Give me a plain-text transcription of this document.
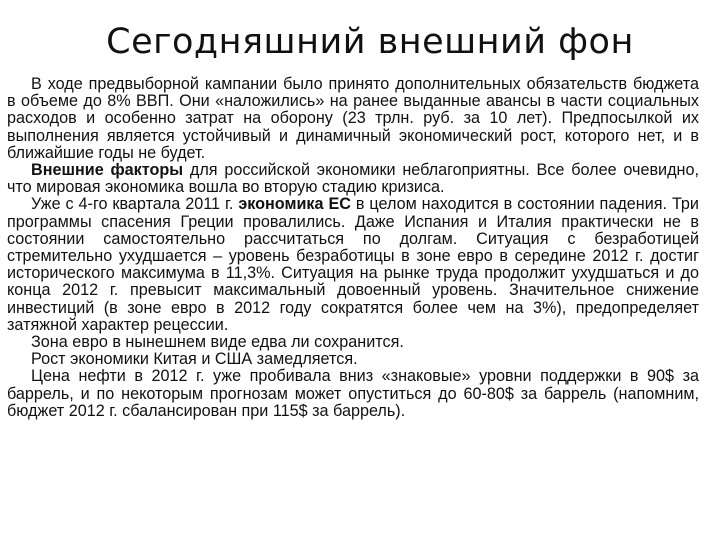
Сегодняшний внешний фон

В ходе предвыборной кампании было принято дополнительных обязательств бюджета в объеме до 8% ВВП. Они «наложились» на ранее выданные авансы в части социальных расходов и особенно затрат на оборону (23 трлн. руб. за 10 лет). Предпосылкой их выполнения является устойчивый и динамичный экономический рост, которого нет, и в ближайшие годы не будет.

Внешние факторы для российской экономики неблагоприятны. Все более очевидно, что мировая экономика вошла во вторую стадию кризиса.

Уже с 4-го квартала 2011 г. экономика ЕС в целом находится в состоянии падения. Три программы спасения Греции провалились. Даже Испания и Италия практически не в состоянии самостоятельно рассчитаться по долгам. Ситуация с безработицей стремительно ухудшается – уровень безработицы в зоне евро в середине 2012 г. достиг исторического максимума в 11,3%. Ситуация на рынке труда продолжит ухудшаться и до конца 2012 г. превысит максимальный довоенный уровень. Значительное снижение инвестиций (в зоне евро в 2012 году сократятся более чем на 3%), предопределяет затяжной характер рецессии.

Зона евро в нынешнем виде едва ли сохранится.

Рост экономики Китая и США замедляется.

Цена нефти в 2012 г. уже пробивала вниз «знаковые» уровни поддержки в 90$ за баррель, и по некоторым прогнозам может опуститься до 60-80$ за баррель (напомним, бюджет 2012 г. сбалансирован при 115$ за баррель).
